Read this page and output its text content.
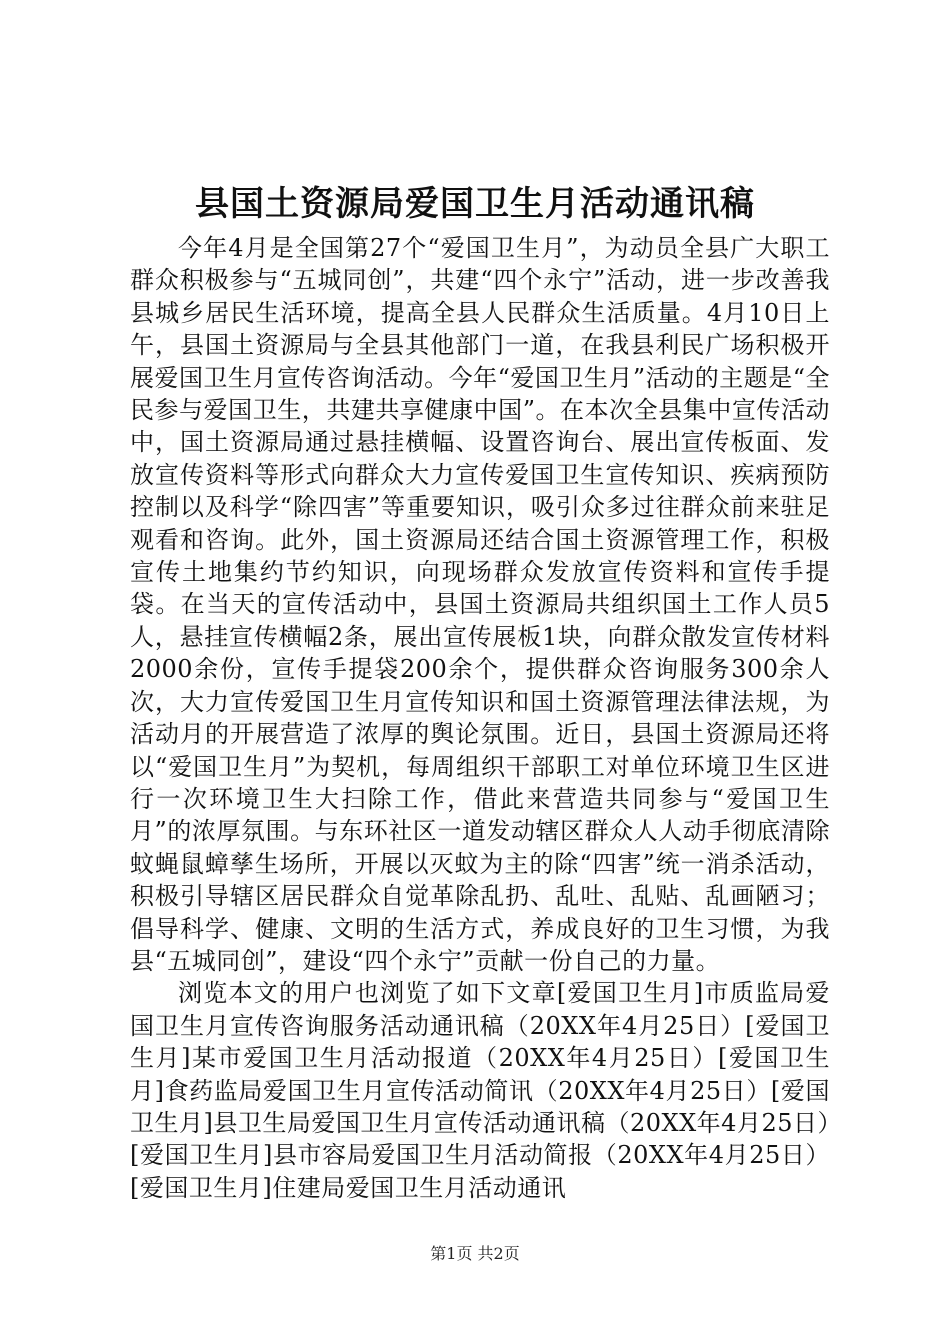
县国土资源局爱国卫生月活动通讯稿

今年4月是全国第27个“爱国卫生月”，为动员全县广大职工群众积极参与“五城同创”，共建“四个永宁”活动，进一步改善我县城乡居民生活环境，提高全县人民群众生活质量。4月10日上午，县国土资源局与全县其他部门一道，在我县利民广场积极开展爱国卫生月宣传咨询活动。今年“爱国卫生月”活动的主题是“全民参与爱国卫生，共建共享健康中国”。在本次全县集中宣传活动中，国土资源局通过悬挂横幅、设置咨询台、展出宣传板面、发放宣传资料等形式向群众大力宣传爱国卫生宣传知识、疾病预防控制以及科学“除四害”等重要知识，吸引众多过往群众前来驻足观看和咨询。此外，国土资源局还结合国土资源管理工作，积极宣传土地集约节约知识，向现场群众发放宣传资料和宣传手提袋。在当天的宣传活动中，县国土资源局共组织国土工作人员5人，悬挂宣传横幅2条，展出宣传展板1块，向群众散发宣传材料2000余份，宣传手提袋200余个，提供群众咨询服务300余人次，大力宣传爱国卫生月宣传知识和国土资源管理法律法规，为活动月的开展营造了浓厚的舆论氛围。近日，县国土资源局还将以“爱国卫生月”为契机，每周组织干部职工对单位环境卫生区进行一次环境卫生大扫除工作，借此来营造共同参与“爱国卫生月”的浓厚氛围。与东环社区一道发动辖区群众人人动手彻底清除蚊蝇鼠蟑孳生场所，开展以灭蚊为主的除“四害”统一消杀活动，积极引导辖区居民群众自觉革除乱扔、乱吐、乱贴、乱画陋习；倡导科学、健康、文明的生活方式，养成良好的卫生习惯，为我县“五城同创”，建设“四个永宁”贡献一份自己的力量。

浏览本文的用户也浏览了如下文章[爱国卫生月]市质监局爱国卫生月宣传咨询服务活动通讯稿（20XX年4月25日）[爱国卫生月]某市爱国卫生月活动报道（20XX年4月25日）[爱国卫生月]食药监局爱国卫生月宣传活动简讯（20XX年4月25日）[爱国卫生月]县卫生局爱国卫生月宣传活动通讯稿（20XX年4月25日）[爱国卫生月]县市容局爱国卫生月活动简报（20XX年4月25日）[爱国卫生月]住建局爱国卫生月活动通讯

第1页 共2页
